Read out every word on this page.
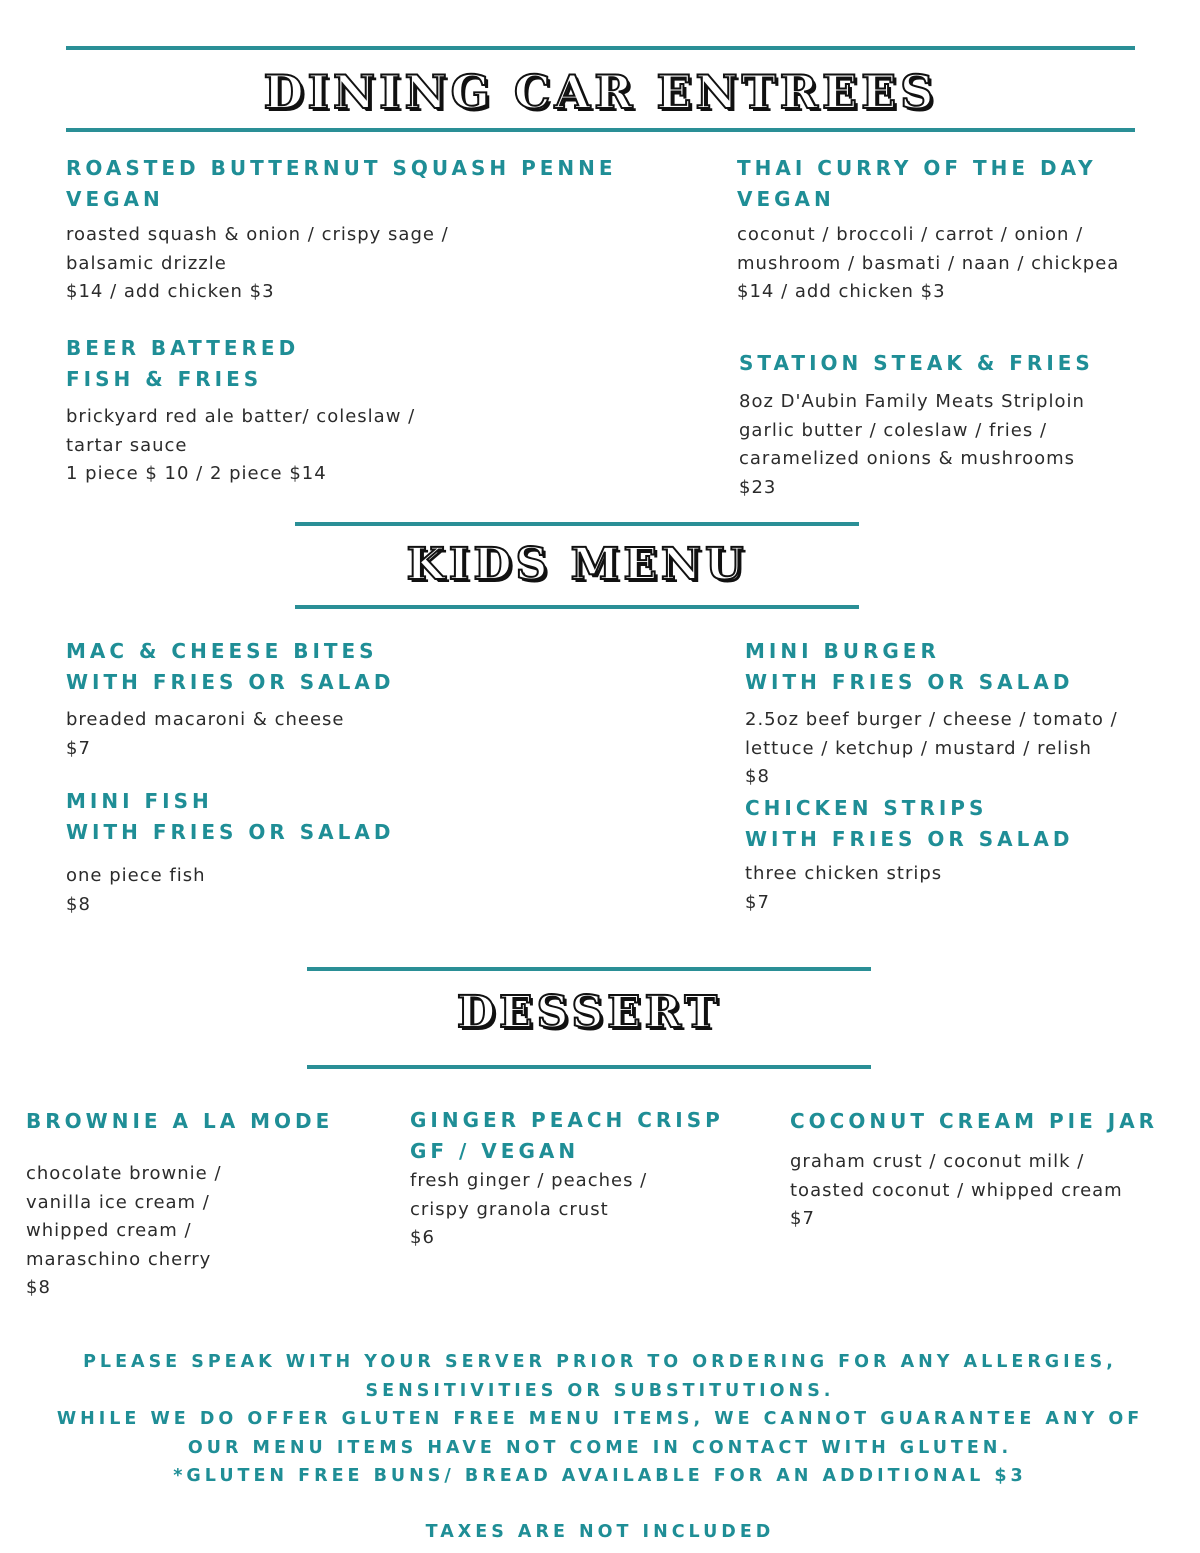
DINING CAR ENTREES
ROASTED BUTTERNUT SQUASH PENNE
VEGAN
roasted squash & onion / crispy sage /
balsamic drizzle
$14 / add chicken $3
THAI CURRY OF THE DAY
VEGAN
coconut / broccoli / carrot / onion /
mushroom / basmati / naan / chickpea
$14 / add chicken $3
BEER BATTERED
FISH & FRIES
brickyard red ale batter/ coleslaw /
tartar sauce
1 piece $ 10 / 2 piece $14
STATION STEAK & FRIES
8oz D'Aubin Family Meats Striploin
garlic butter / coleslaw / fries /
caramelized onions & mushrooms
$23
KIDS MENU
MAC & CHEESE BITES
WITH FRIES OR SALAD
breaded macaroni & cheese
$7
MINI BURGER
WITH FRIES OR SALAD
2.5oz beef burger / cheese / tomato /
lettuce / ketchup / mustard / relish
$8
MINI FISH
WITH FRIES OR SALAD
one piece fish
$8
CHICKEN STRIPS
WITH FRIES OR SALAD
three chicken strips
$7
DESSERT
BROWNIE A LA MODE
chocolate brownie /
vanilla ice cream /
whipped cream /
maraschino cherry
$8
GINGER PEACH CRISP
GF / VEGAN
fresh ginger / peaches /
crispy granola crust
$6
COCONUT CREAM PIE JAR
graham crust / coconut milk /
toasted coconut / whipped cream
$7
PLEASE SPEAK WITH YOUR SERVER PRIOR TO ORDERING FOR ANY ALLERGIES,
SENSITIVITIES OR SUBSTITUTIONS.
WHILE WE DO OFFER GLUTEN FREE MENU ITEMS, WE CANNOT GUARANTEE ANY OF
OUR MENU ITEMS HAVE NOT COME IN CONTACT WITH GLUTEN.
*GLUTEN FREE BUNS/ BREAD AVAILABLE FOR AN ADDITIONAL $3
TAXES ARE NOT INCLUDED
